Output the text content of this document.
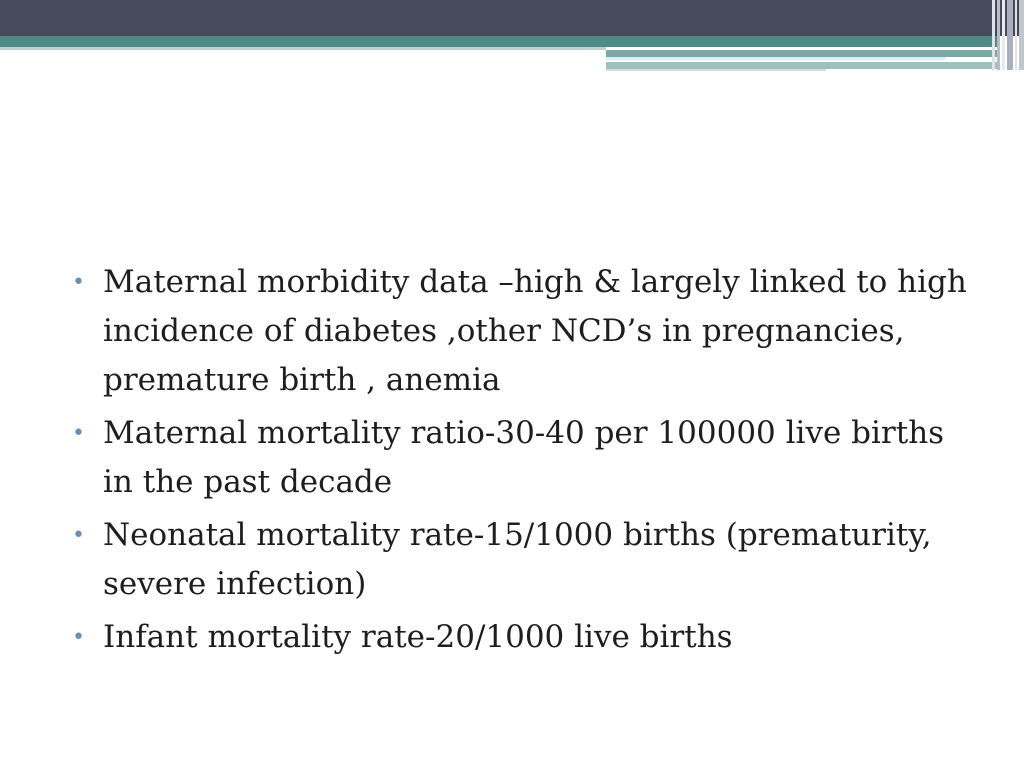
• Maternal morbidity data –high & largely linked to high incidence of diabetes ,other NCD’s in pregnancies, premature birth , anemia
• Maternal mortality ratio-30-40 per 100000 live births in the past decade
• Neonatal mortality rate-15/1000 births (prematurity, severe infection)
• Infant mortality rate-20/1000 live births
